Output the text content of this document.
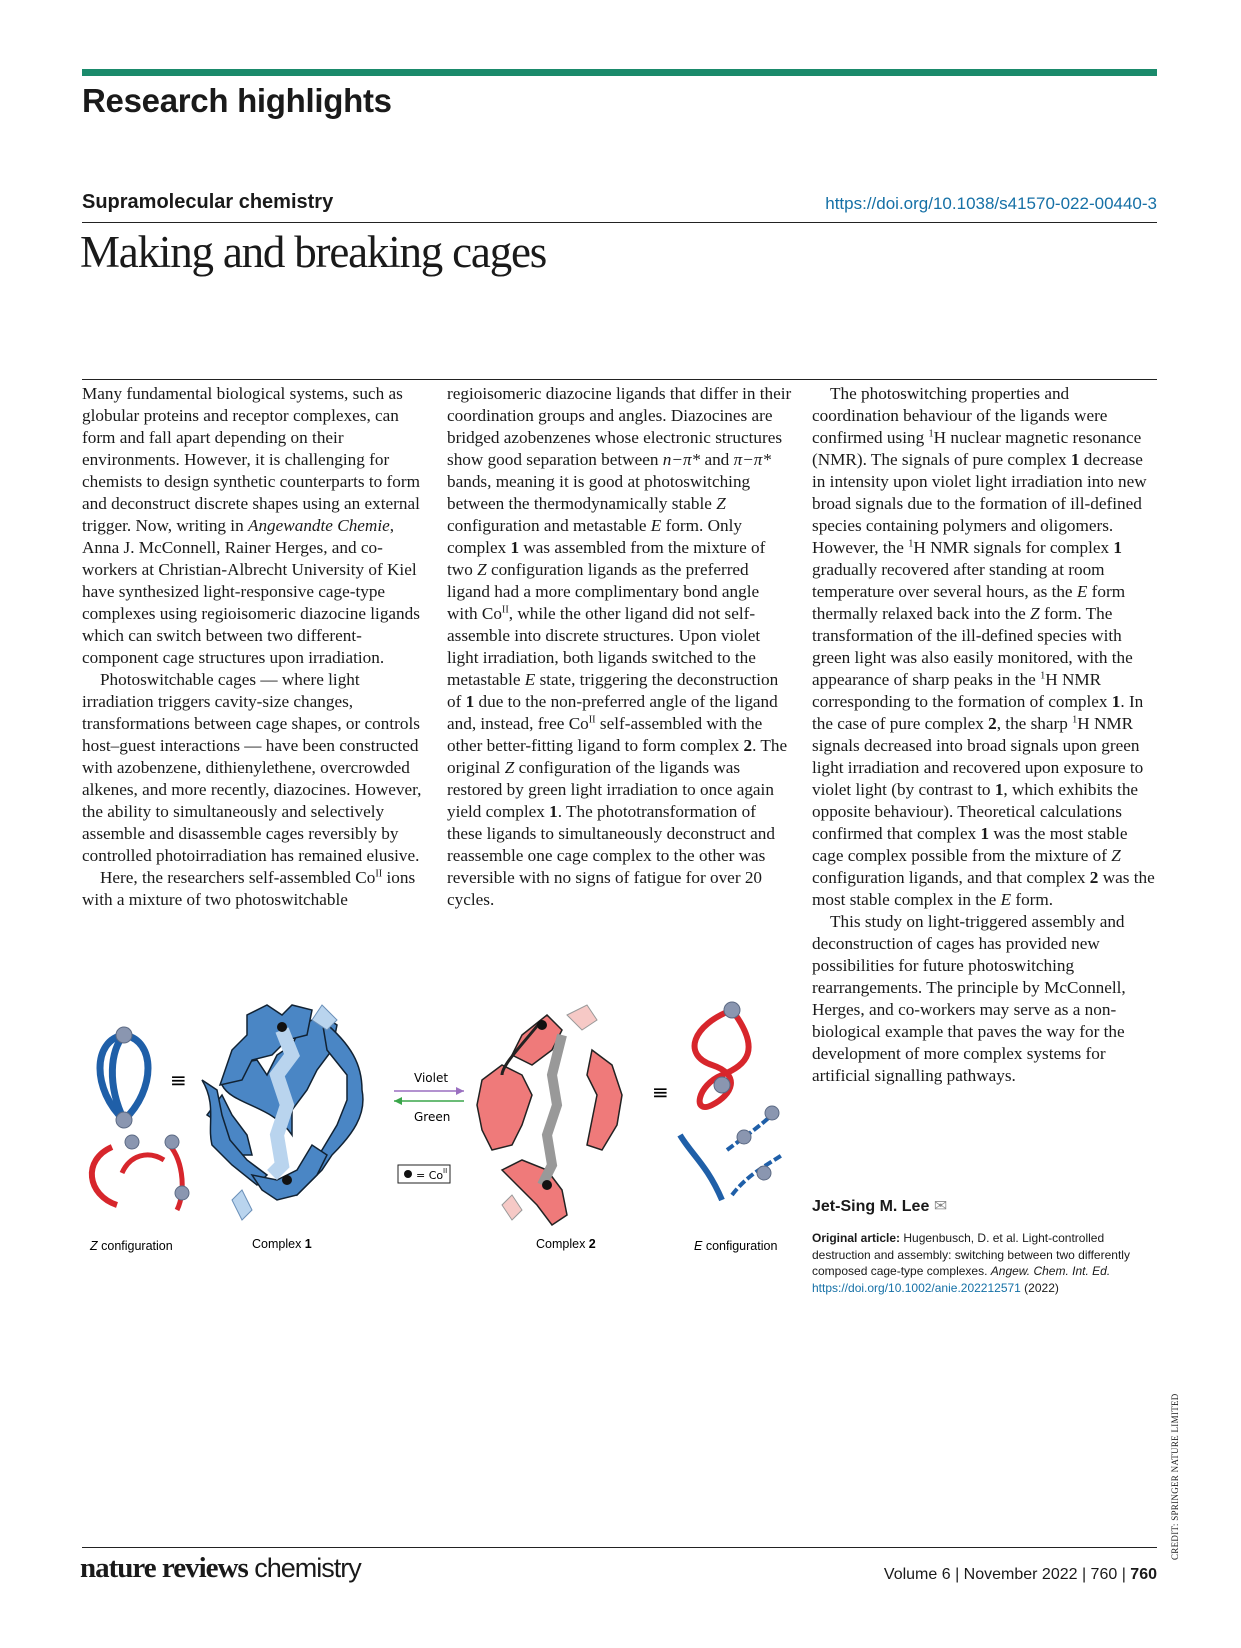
Research highlights
Supramolecular chemistry	https://doi.org/10.1038/s41570-022-00440-3
Making and breaking cages

Many fundamental biological systems, such as globular proteins and receptor complexes, can form and fall apart depending on their environments. However, it is challenging for chemists to design synthetic counterparts to form and deconstruct discrete shapes using an external trigger. Now, writing in Angewandte Chemie, Anna J. McConnell, Rainer Herges, and co-workers at Christian-Albrecht University of Kiel have synthesized light-responsive cage-type complexes using regioisomeric diazocine ligands which can switch between two different-component cage structures upon irradiation.

Photoswitchable cages — where light irradiation triggers cavity-size changes, transformations between cage shapes, or controls host–guest interactions — have been constructed with azobenzene, dithienylethene, overcrowded alkenes, and more recently, diazocines. However, the ability to simultaneously and selectively assemble and disassemble cages reversibly by controlled photoirradiation has remained elusive.

Here, the researchers self-assembled $Co^{II}$ ions with a mixture of two photoswitchable

regioisomeric diazocine ligands that differ in their coordination groups and angles. Diazocines are bridged azobenzenes whose electronic structures show good separation between n−π* and π−π* bands, meaning it is good at photoswitching between the thermodynamically stable Z configuration and metastable E form. Only complex 1 was assembled from the mixture of two Z configuration ligands as the preferred ligand had a more complimentary bond angle with $Co^{II}$, while the other ligand did not self-assemble into discrete structures. Upon violet light irradiation, both ligands switched to the metastable E state, triggering the deconstruction of 1 due to the non-preferred angle of the ligand and, instead, free $Co^{II}$ self-assembled with the other better-fitting ligand to form complex 2. The original Z configuration of the ligands was restored by green light irradiation to once again yield complex 1. The phototransformation of these ligands to simultaneously deconstruct and reassemble one cage complex to the other was reversible with no signs of fatigue for over 20 cycles.

The photoswitching properties and coordination behaviour of the ligands were confirmed using $^1$H nuclear magnetic resonance (NMR). The signals of pure complex 1 decrease in intensity upon violet light irradiation into new broad signals due to the formation of ill-defined species containing polymers and oligomers. However, the $^1$H NMR signals for complex 1 gradually recovered after standing at room temperature over several hours, as the E form thermally relaxed back into the Z form. The transformation of the ill-defined species with green light was also easily monitored, with the appearance of sharp peaks in the $^1$H NMR corresponding to the formation of complex 1. In the case of pure complex 2, the sharp $^1$H NMR signals decreased into broad signals upon green light irradiation and recovered upon exposure to violet light (by contrast to 1, which exhibits the opposite behaviour). Theoretical calculations confirmed that complex 1 was the most stable cage complex possible from the mixture of Z configuration ligands, and that complex 2 was the most stable complex in the E form.

This study on light-triggered assembly and deconstruction of cages has provided new possibilities for future photoswitching rearrangements. The principle by McConnell, Herges, and co-workers may serve as a non-biological example that paves the way for the development of more complex systems for artificial signalling pathways.

Jet-Sing M. Lee ✉
Original article: Hugenbusch, D. et al. Light-controlled destruction and assembly: switching between two differently composed cage-type complexes. Angew. Chem. Int. Ed.
https://doi.org/10.1002/anie.202212571 (2022)
≡	Violet
Green
= Co II
≡
Z configuration	Complex 1	Complex 2	E configuration
CREDIT: SPRINGER NATURE LIMITED
nature reviews chemistry	Volume 6 | November 2022 | 760 | 760
